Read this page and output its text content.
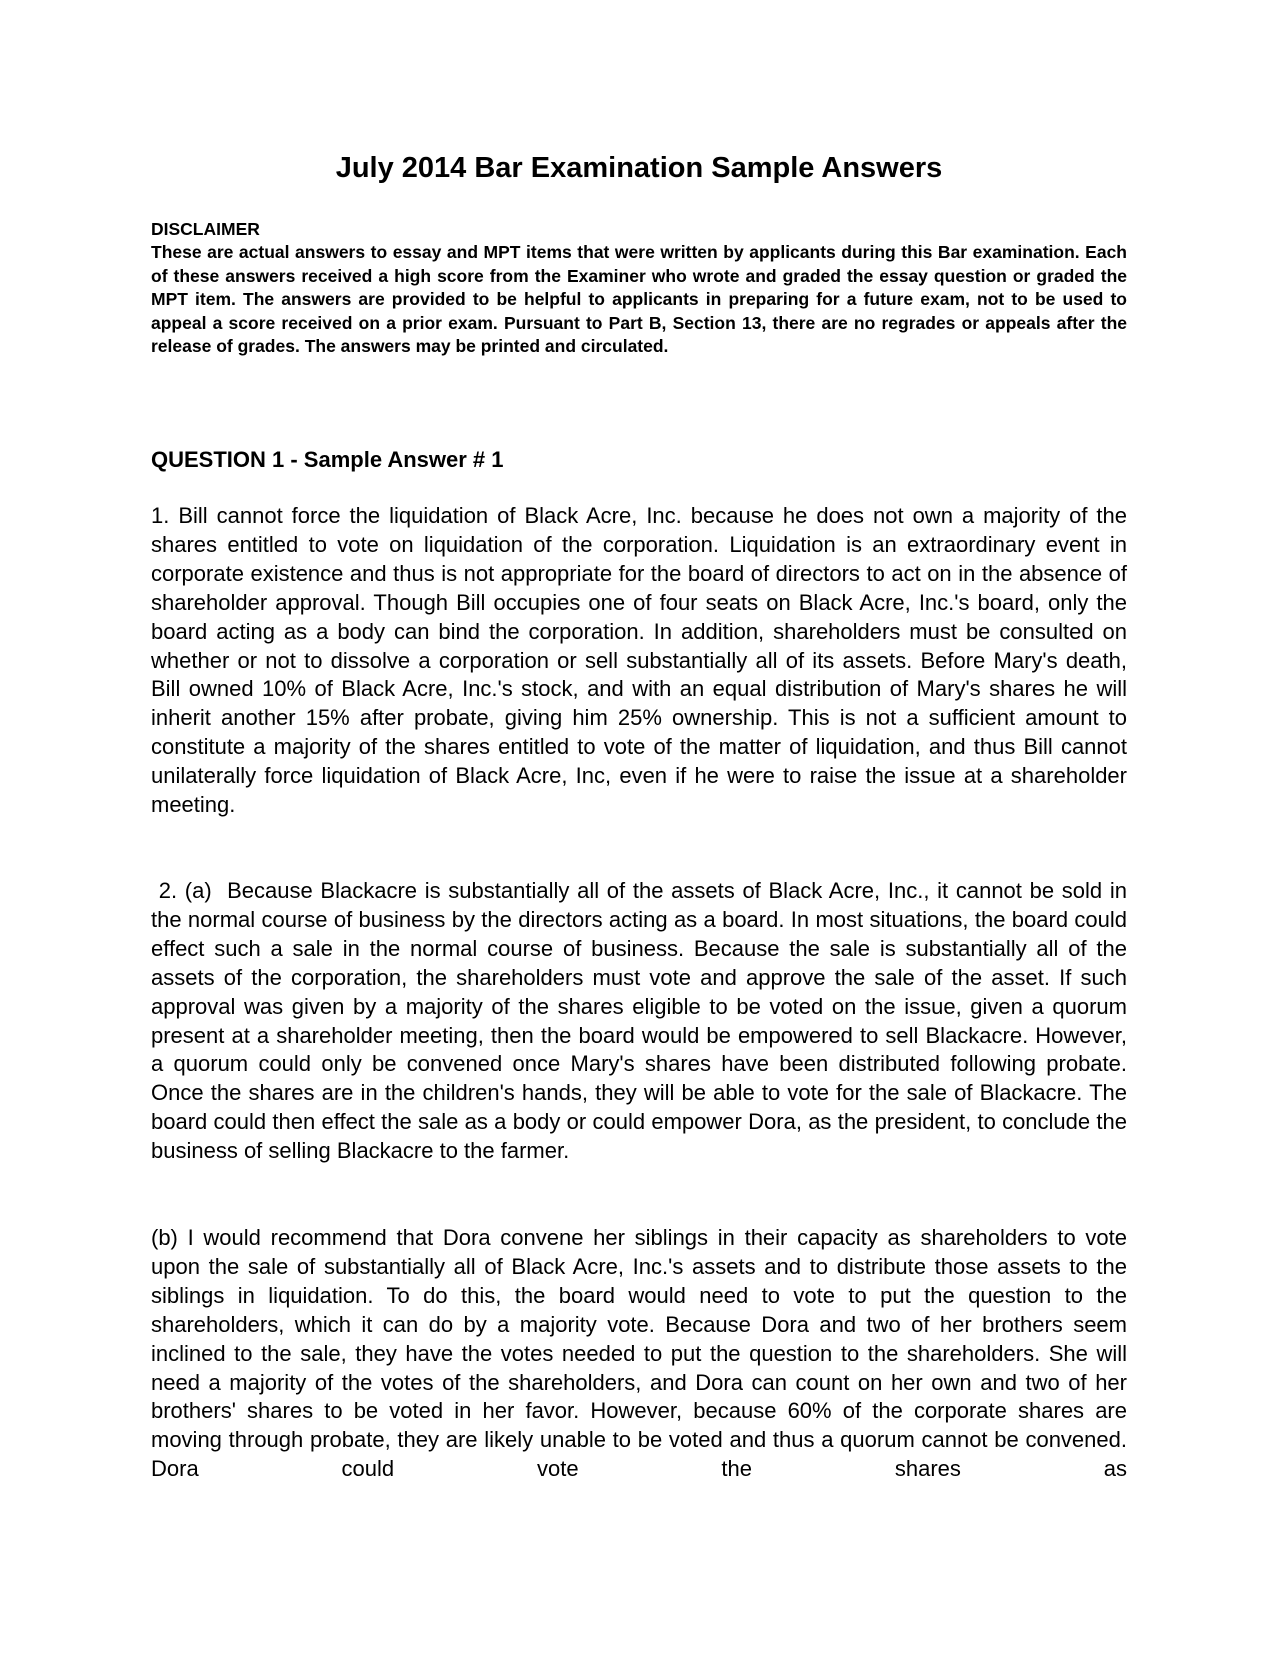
July 2014 Bar Examination Sample Answers
DISCLAIMER

These are actual answers to essay and MPT items that were written by applicants during this Bar examination. Each of these answers received a high score from the Examiner who wrote and graded the essay question or graded the MPT item. The answers are provided to be helpful to applicants in preparing for a future exam, not to be used to appeal a score received on a prior exam. Pursuant to Part B, Section 13, there are no regrades or appeals after the release of grades. The answers may be printed and circulated.

QUESTION 1 - Sample Answer # 1

1. Bill cannot force the liquidation of Black Acre, Inc. because he does not own a majority of the shares entitled to vote on liquidation of the corporation. Liquidation is an extraordinary event in corporate existence and thus is not appropriate for the board of directors to act on in the absence of shareholder approval. Though Bill occupies one of four seats on Black Acre, Inc.'s board, only the board acting as a body can bind the corporation. In addition, shareholders must be consulted on whether or not to dissolve a corporation or sell substantially all of its assets. Before Mary's death, Bill owned 10% of Black Acre, Inc.'s stock, and with an equal distribution of Mary's shares he will inherit another 15% after probate, giving him 25% ownership. This is not a sufficient amount to constitute a majority of the shares entitled to vote of the matter of liquidation, and thus Bill cannot unilaterally force liquidation of Black Acre, Inc, even if he were to raise the issue at a shareholder meeting.

2. (a)  Because Blackacre is substantially all of the assets of Black Acre, Inc., it cannot be sold in the normal course of business by the directors acting as a board. In most situations, the board could effect such a sale in the normal course of business. Because the sale is substantially all of the assets of the corporation, the shareholders must vote and approve the sale of the asset. If such approval was given by a majority of the shares eligible to be voted on the issue, given a quorum present at a shareholder meeting, then the board would be empowered to sell Blackacre. However, a quorum could only be convened once Mary's shares have been distributed following probate. Once the shares are in the children's hands, they will be able to vote for the sale of Blackacre. The board could then effect the sale as a body or could empower Dora, as the president, to conclude the business of selling Blackacre to the farmer.

(b) I would recommend that Dora convene her siblings in their capacity as shareholders to vote upon the sale of substantially all of Black Acre, Inc.'s assets and to distribute those assets to the siblings in liquidation. To do this, the board would need to vote to put the question to the shareholders, which it can do by a majority vote. Because Dora and two of her brothers seem inclined to the sale, they have the votes needed to put the question to the shareholders. She will need a majority of the votes of the shareholders, and Dora can count on her own and two of her brothers' shares to be voted in her favor. However, because 60% of the corporate shares are moving through probate, they are likely unable to be voted and thus a quorum cannot be convened. Dora could vote the shares as
